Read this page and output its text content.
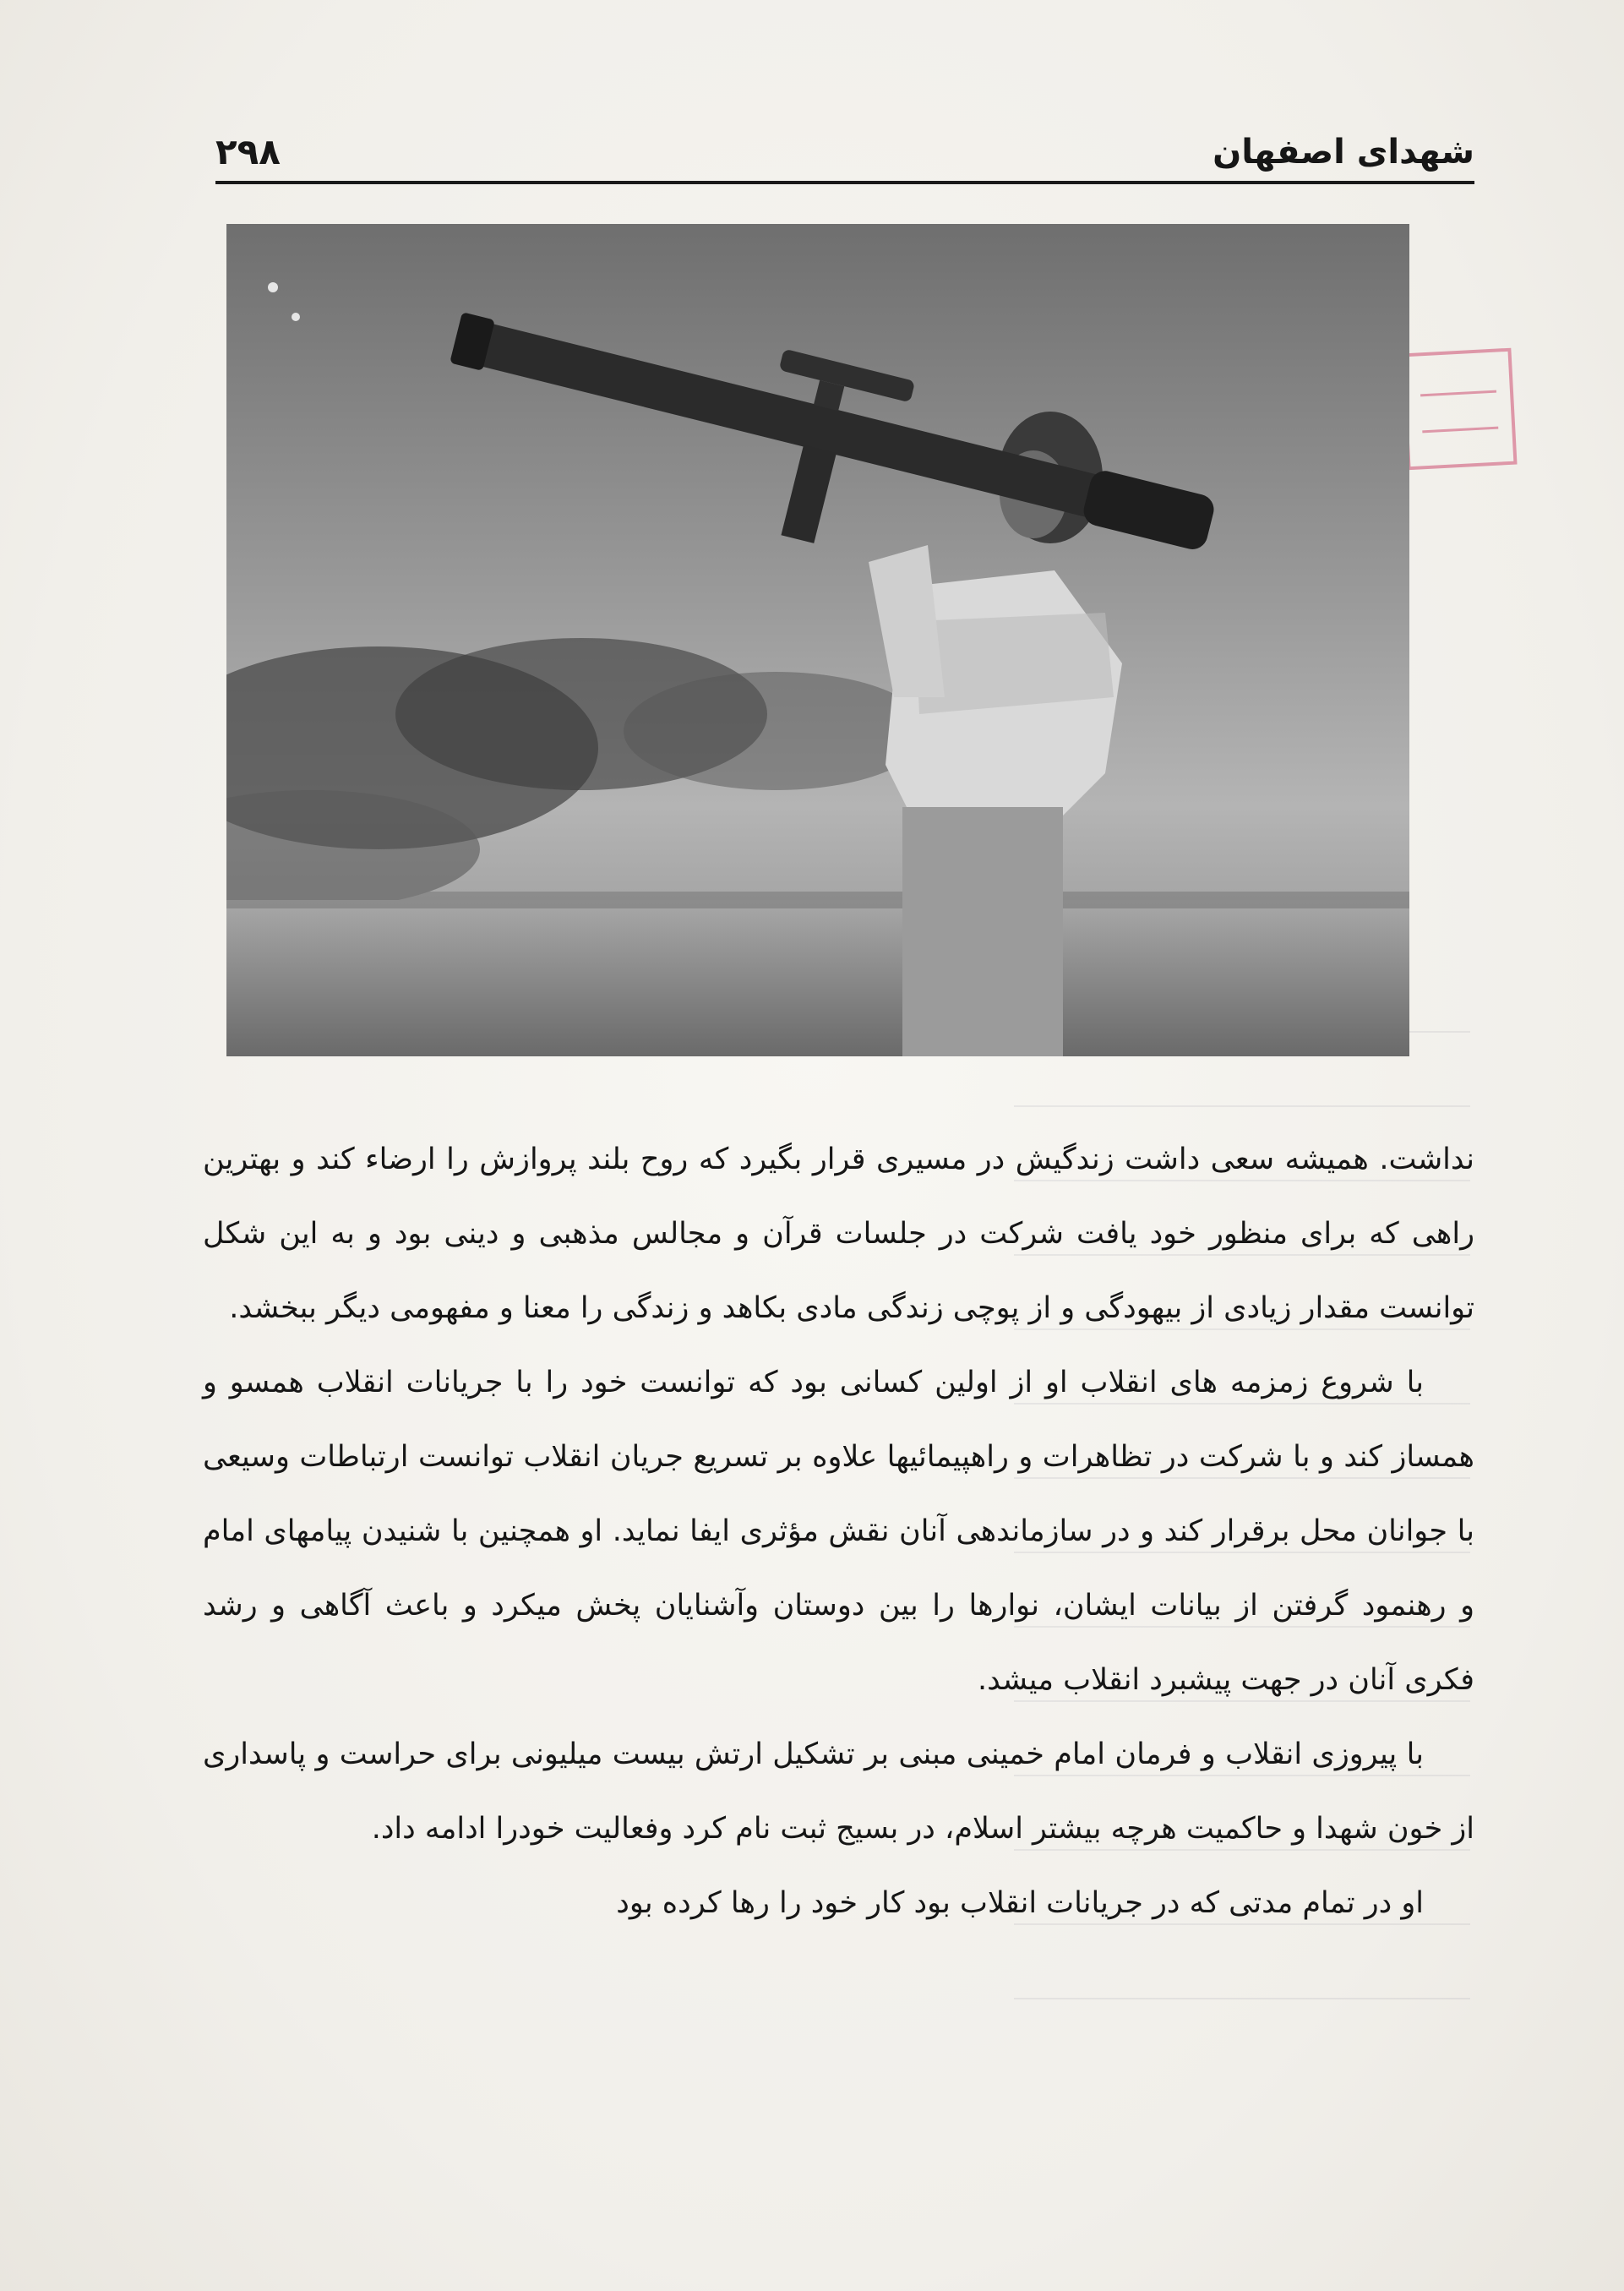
شهدای اصفهان
۲۹۸

نداشت. همیشه سعی داشت زندگیش در مسیری قرار بگیرد که روح بلند پروازش را ارضاء کند و بهترین راهی که برای منظور خود یافت شرکت در جلسات قرآن و مجالس مذهبی و دینی بود و به این شکل توانست مقدار زیادی از بیهودگی و از پوچی زندگی مادی بکاهد و زندگی را معنا و مفهومی دیگر ببخشد.

با شروع زمزمه های انقلاب او از اولین کسانی بود که توانست خود را با جریانات انقلاب همسو و همساز کند و با شرکت در تظاهرات و راهپیمائیها علاوه بر تسریع جریان انقلاب توانست ارتباطات وسیعی با جوانان محل برقرار کند و در سازماندهی آنان نقش مؤثری ایفا نماید. او همچنین با شنیدن پیامهای امام و رهنمود گرفتن از بیانات ایشان، نوارها را بین دوستان وآشنایان پخش میکرد و باعث آگاهی و رشد فکری آنان در جهت پیشبرد انقلاب میشد.

با پیروزی انقلاب و فرمان امام خمینی مبنی بر تشکیل ارتش بیست میلیونی برای حراست و پاسداری از خون شهدا و حاکمیت هرچه بیشتر اسلام، در بسیج ثبت نام کرد وفعالیت خودرا ادامه داد.

او در تمام مدتی که در جریانات انقلاب بود کار خود را رها کرده بود
